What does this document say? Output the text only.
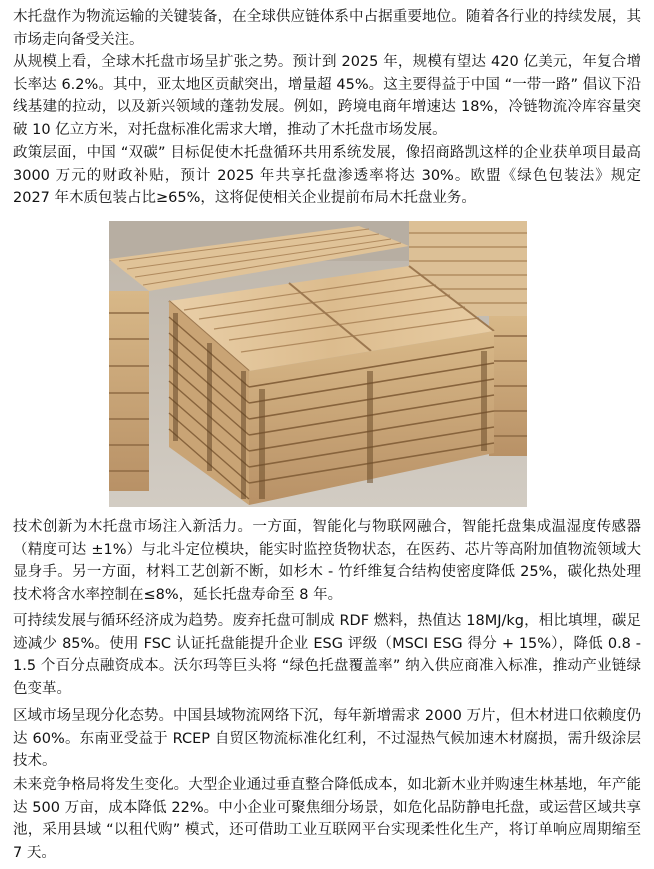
木托盘作为物流运输的关键装备，在全球供应链体系中占据重要地位。随着各行业的持续发展，其市场走向备受关注。

从规模上看，全球木托盘市场呈扩张之势。预计到 2025 年，规模有望达 420 亿美元，年复合增长率达 6.2%。其中，亚太地区贡献突出，增量超 45%。这主要得益于中国 “一带一路” 倡议下沿线基建的拉动，以及新兴领域的蓬勃发展。例如，跨境电商年增速达 18%，冷链物流冷库容量突破 10 亿立方米，对托盘标准化需求大增，推动了木托盘市场发展。

政策层面，中国 “双碳” 目标促使木托盘循环共用系统发展，像招商路凯这样的企业获单项目最高 3000 万元的财政补贴，预计 2025 年共享托盘渗透率将达 30%。欧盟《绿色包装法》规定 2027 年木质包装占比≥65%，这将促使相关企业提前布局木托盘业务。

技术创新为木托盘市场注入新活力。一方面，智能化与物联网融合，智能托盘集成温湿度传感器（精度可达 ±1%）与北斗定位模块，能实时监控货物状态，在医药、芯片等高附加值物流领域大显身手。另一方面，材料工艺创新不断，如杉木 - 竹纤维复合结构使密度降低 25%，碳化热处理技术将含水率控制在≤8%，延长托盘寿命至 8 年。

可持续发展与循环经济成为趋势。废弃托盘可制成 RDF 燃料，热值达 18MJ/kg，相比填埋，碳足迹减少 85%。使用 FSC 认证托盘能提升企业 ESG 评级（MSCI ESG 得分 + 15%），降低 0.8 - 1.5 个百分点融资成本。沃尔玛等巨头将 “绿色托盘覆盖率” 纳入供应商准入标准，推动产业链绿色变革。

区域市场呈现分化态势。中国县域物流网络下沉，每年新增需求 2000 万片，但木材进口依赖度仍达 60%。东南亚受益于 RCEP 自贸区物流标准化红利，不过湿热气候加速木材腐损，需升级涂层技术。

未来竞争格局将发生变化。大型企业通过垂直整合降低成本，如北新木业并购速生林基地，年产能达 500 万亩，成本降低 22%。中小企业可聚焦细分场景，如危化品防静电托盘，或运营区域共享池，采用县域 “以租代购” 模式，还可借助工业互联网平台实现柔性化生产，将订单响应周期缩至 7 天。
